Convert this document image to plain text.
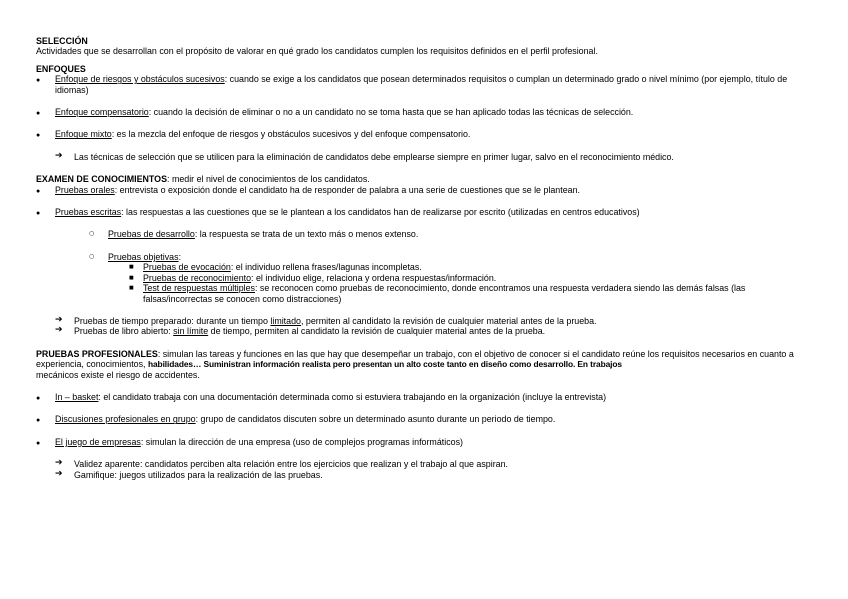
SELECCIÓN

Actividades que se desarrollan con el propósito de valorar en qué grado los candidatos cumplen los requisitos definidos en el perfil profesional.

ENFOQUES

●
Enfoque de riesgos y obstáculos sucesivos: cuando se exige a los candidatos que posean determinados requisitos o cumplan un determinado grado o nivel mínimo (por ejemplo, título de idiomas)
●
Enfoque compensatorio: cuando la decisión de eliminar o no a un candidato no se toma hasta que se han aplicado todas las técnicas de selección.
●
Enfoque mixto: es la mezcla del enfoque de riesgos y obstáculos sucesivos y del enfoque compensatorio.
➔ Las técnicas de selección que se utilicen para la eliminación de candidatos debe emplearse siempre en primer lugar, salvo en el reconocimiento médico.

EXAMEN DE CONOCIMIENTOS: medir el nivel de conocimientos de los candidatos.

●
Pruebas orales: entrevista o exposición donde el candidato ha de responder de palabra a una serie de cuestiones que se le plantean.
●
Pruebas escritas: las respuestas a las cuestiones que se le plantean a los candidatos han de realizarse por escrito (utilizadas en centros educativos)
○ Pruebas de desarrollo: la respuesta se trata de un texto más o menos extenso.
○ Pruebas objetivas:
■ Pruebas de evocación: el individuo rellena frases/lagunas incompletas.
■ Pruebas de reconocimiento: el individuo elige, relaciona y ordena respuestas/información.
■ Test de respuestas múltiples: se reconocen como pruebas de reconocimiento, donde encontramos una respuesta verdadera siendo las demás falsas (las falsas/incorrectas se conocen como distracciones)
➔ Pruebas de tiempo preparado: durante un tiempo limitado, permiten al candidato la revisión de cualquier material antes de la prueba.
➔ Pruebas de libro abierto: sin límite de tiempo, permiten al candidato la revisión de cualquier material antes de la prueba.

PRUEBAS PROFESIONALES: simulan las tareas y funciones en las que hay que desempeñar un trabajo, con el objetivo de conocer si el candidato reúne los requisitos necesarios en cuanto a experiencia, conocimientos, habilidades… Suministran información realista pero presentan un alto coste tanto en diseño como desarrollo. En trabajos
mecánicos existe el riesgo de accidentes.

●
In – basket: el candidato trabaja con una documentación determinada como si estuviera trabajando en la organización (incluye la entrevista)
●
Discusiones profesionales en grupo: grupo de candidatos discuten sobre un determinado asunto durante un periodo de tiempo.
●
El juego de empresas: simulan la dirección de una empresa (uso de complejos programas informáticos)
➔ Validez aparente: candidatos perciben alta relación entre los ejercicios que realizan y el trabajo al que aspiran.
➔ Gamifique: juegos utilizados para la realización de las pruebas.
